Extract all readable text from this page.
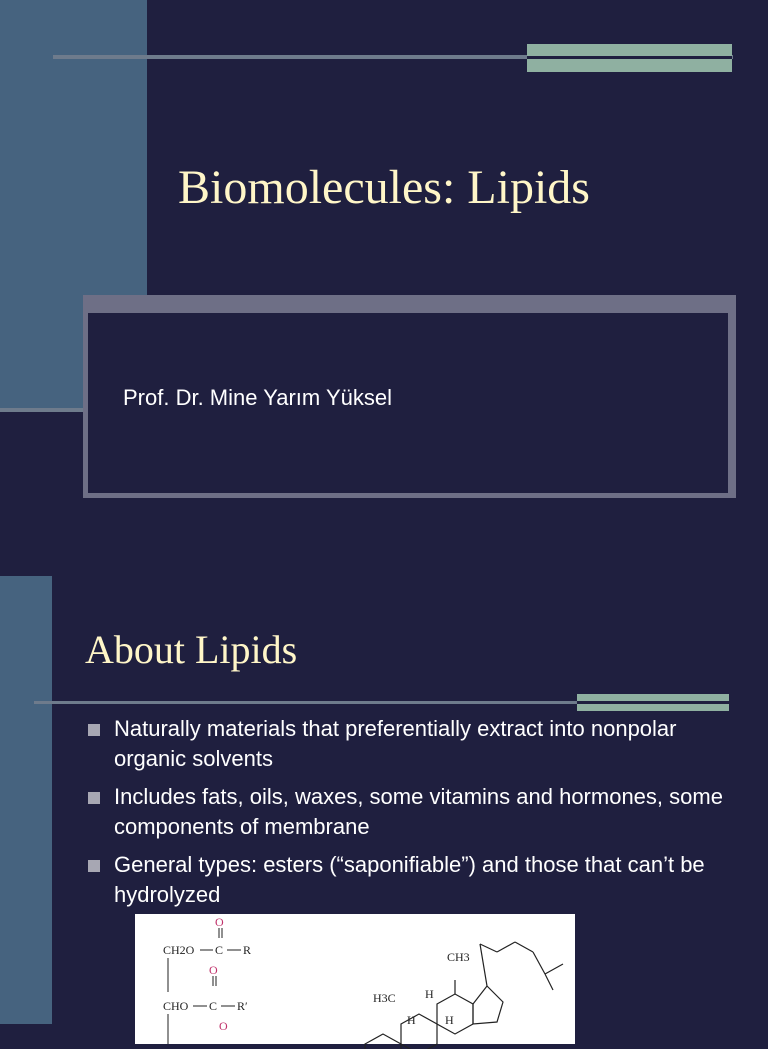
Biomolecules: Lipids
Prof. Dr. Mine Yarım Yüksel
About Lipids
Naturally materials that preferentially extract into nonpolar organic solvents
Includes fats, oils, waxes, some vitamins and hormones, some components of membrane
General types: esters (“saponifiable”) and those that can’t be hydrolyzed
O
CH2O C R
O
CHO C R′
O
CH3
H3C H
H H
